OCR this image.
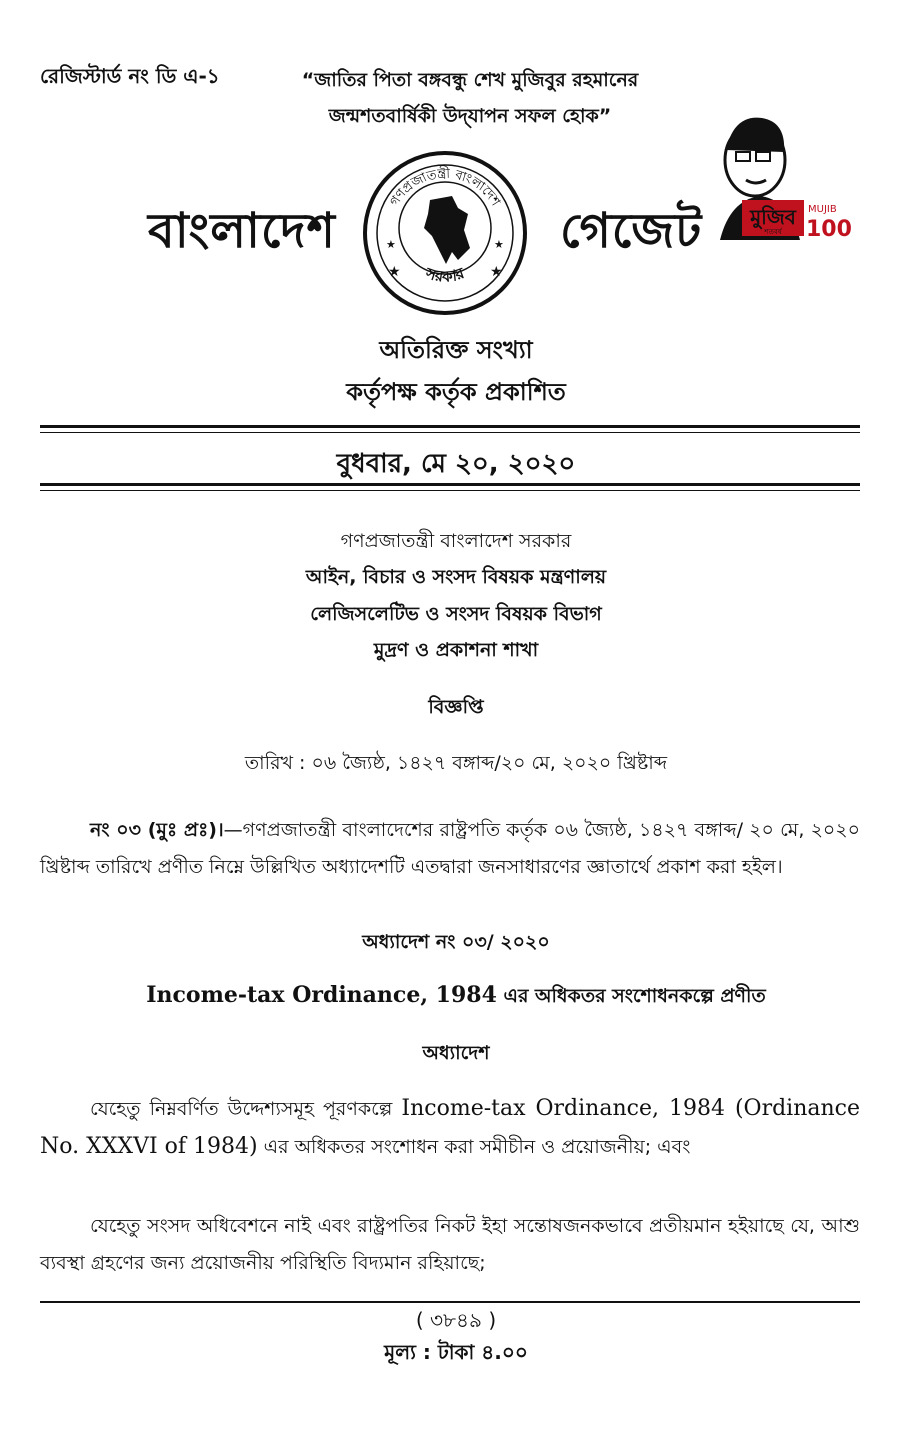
রেজিস্টার্ড নং ডি এ-১	“জাতির পিতা বঙ্গবন্ধু শেখ মুজিবুর রহমানের
জন্মশতবার্ষিকী উদ্‌যাপন সফল হোক”
বাংলাদেশ
গণপ্রজাতন্ত্রী বাংলাদেশ
সরকার
★	★
★	★ গেজেট মুজিব
শতবর্ষ
MUJIB
100
অতিরিক্ত সংখ্যা
কর্তৃপক্ষ কর্তৃক প্রকাশিত
বুধবার, মে ২০, ২০২০
গণপ্রজাতন্ত্রী বাংলাদেশ সরকার
আইন, বিচার ও সংসদ বিষয়ক মন্ত্রণালয়
লেজিসলেটিভ ও সংসদ বিষয়ক বিভাগ
মুদ্রণ ও প্রকাশনা শাখা
বিজ্ঞপ্তি
তারিখ : ০৬ জ্যৈষ্ঠ, ১৪২৭ বঙ্গাব্দ/২০ মে, ২০২০ খ্রিষ্টাব্দ
নং ০৩ (মুঃ প্রঃ)।—গণপ্রজাতন্ত্রী বাংলাদেশের রাষ্ট্রপতি কর্তৃক ০৬ জ্যৈষ্ঠ, ১৪২৭ বঙ্গাব্দ/ ২০ মে, ২০২০ খ্রিষ্টাব্দ তারিখে প্রণীত নিম্নে উল্লিখিত অধ্যাদেশটি এতদ্বারা জনসাধারণের জ্ঞাতার্থে প্রকাশ করা হইল।
অধ্যাদেশ নং ০৩/ ২০২০
Income-tax Ordinance, 1984 এর অধিকতর সংশোধনকল্পে প্রণীত
অধ্যাদেশ
যেহেতু নিম্নবর্ণিত উদ্দেশ্যসমূহ পূরণকল্পে Income-tax Ordinance, 1984 (Ordinance No. XXXVI of 1984) এর অধিকতর সংশোধন করা সমীচীন ও প্রয়োজনীয়; এবং
যেহেতু সংসদ অধিবেশনে নাই এবং রাষ্ট্রপতির নিকট ইহা সন্তোষজনকভাবে প্রতীয়মান হইয়াছে যে, আশু ব্যবস্থা গ্রহণের জন্য প্রয়োজনীয় পরিস্থিতি বিদ্যমান রহিয়াছে;
( ৩৮৪৯ )
মূল্য : টাকা ৪.০০
